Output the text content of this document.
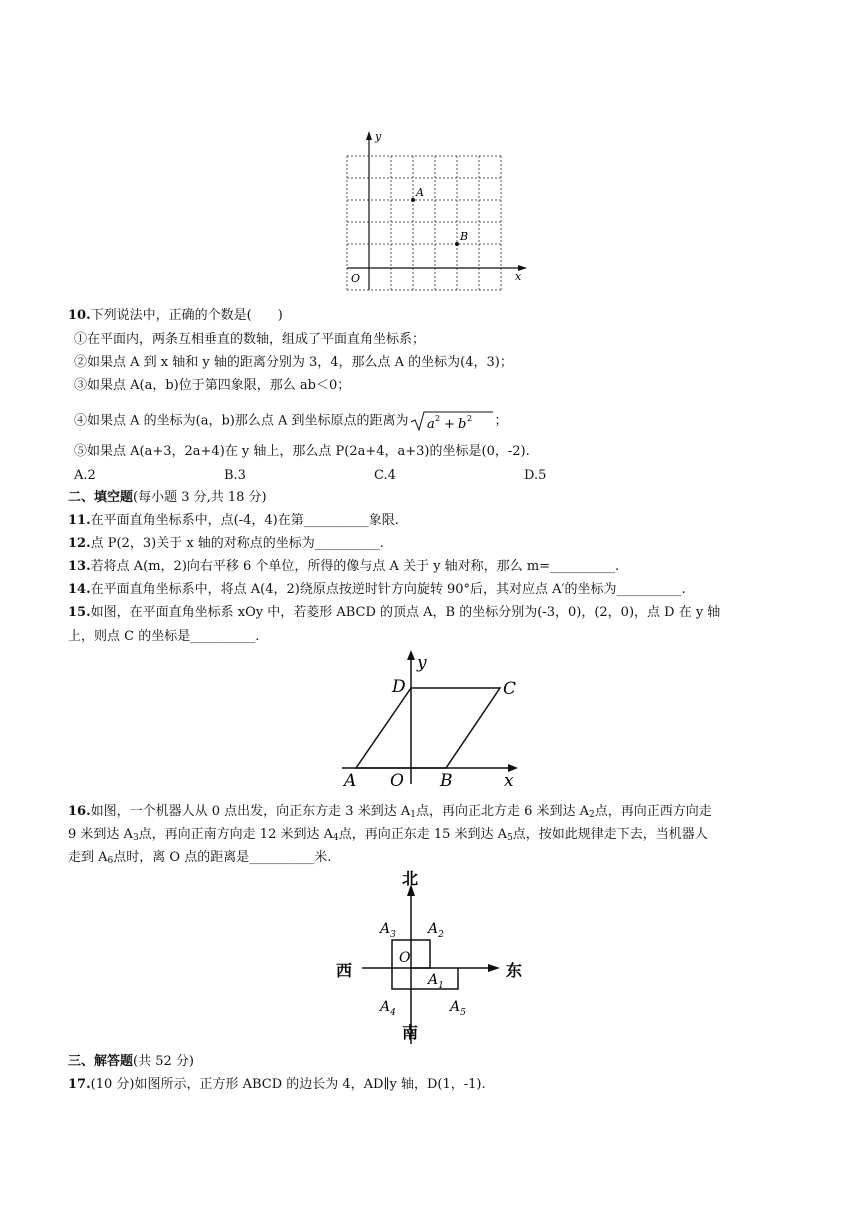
y
x
O
A
B
10.下列说法中，正确的个数是(　　)
①在平面内，两条互相垂直的数轴，组成了平面直角坐标系；
②如果点 A 到 x 轴和 y 轴的距离分别为 3，4，那么点 A 的坐标为(4，3)；
③如果点 A(a，b)位于第四象限，那么 ab＜0；
④如果点 A 的坐标为(a，b)那么点 A 到坐标原点的距离为 a 2 + b 2 ；
⑤如果点 A(a+3，2a+4)在 y 轴上，那么点 P(2a+4，a+3)的坐标是(0，-2).
A.2	B.3	C.4	D.5
二、填空题(每小题 3 分,共 18 分)
11.在平面直角坐标系中，点(-4，4)在第__________象限.
12.点 P(2，3)关于 x 轴的对称点的坐标为__________.
13.若将点 A(m，2)向右平移 6 个单位，所得的像与点 A 关于 y 轴对称，那么 m=__________.
14.在平面直角坐标系中，将点 A(4，2)绕原点按逆时针方向旋转 90°后，其对应点 A′的坐标为__________.
15.如图，在平面直角坐标系 xOy 中，若菱形 ABCD 的顶点 A，B 的坐标分别为(-3，0)，(2，0)，点 D 在 y 轴
上，则点 C 的坐标是__________.
y
D	C
A O B	x
16.如图，一个机器人从 0 点出发，向正东方走 3 米到达 $A_1$点，再向正北方走 6 米到达 $A_2$点，再向正西方向走
9 米到达 $A_3$点，再向正南方向走 12 米到达 $A_4$点，再向正东走 15 米到达 $A_5$点，按如此规律走下去，当机器人
走到 $A_6$点时，离 O 点的距离是__________米.
北
南
西	东
O
$A_3$ $A_2$
$A_1$
$A_4$	$A_5$
三、解答题(共 52 分)
17.(10 分)如图所示，正方形 ABCD 的边长为 4，AD∥y 轴，D(1，-1).
